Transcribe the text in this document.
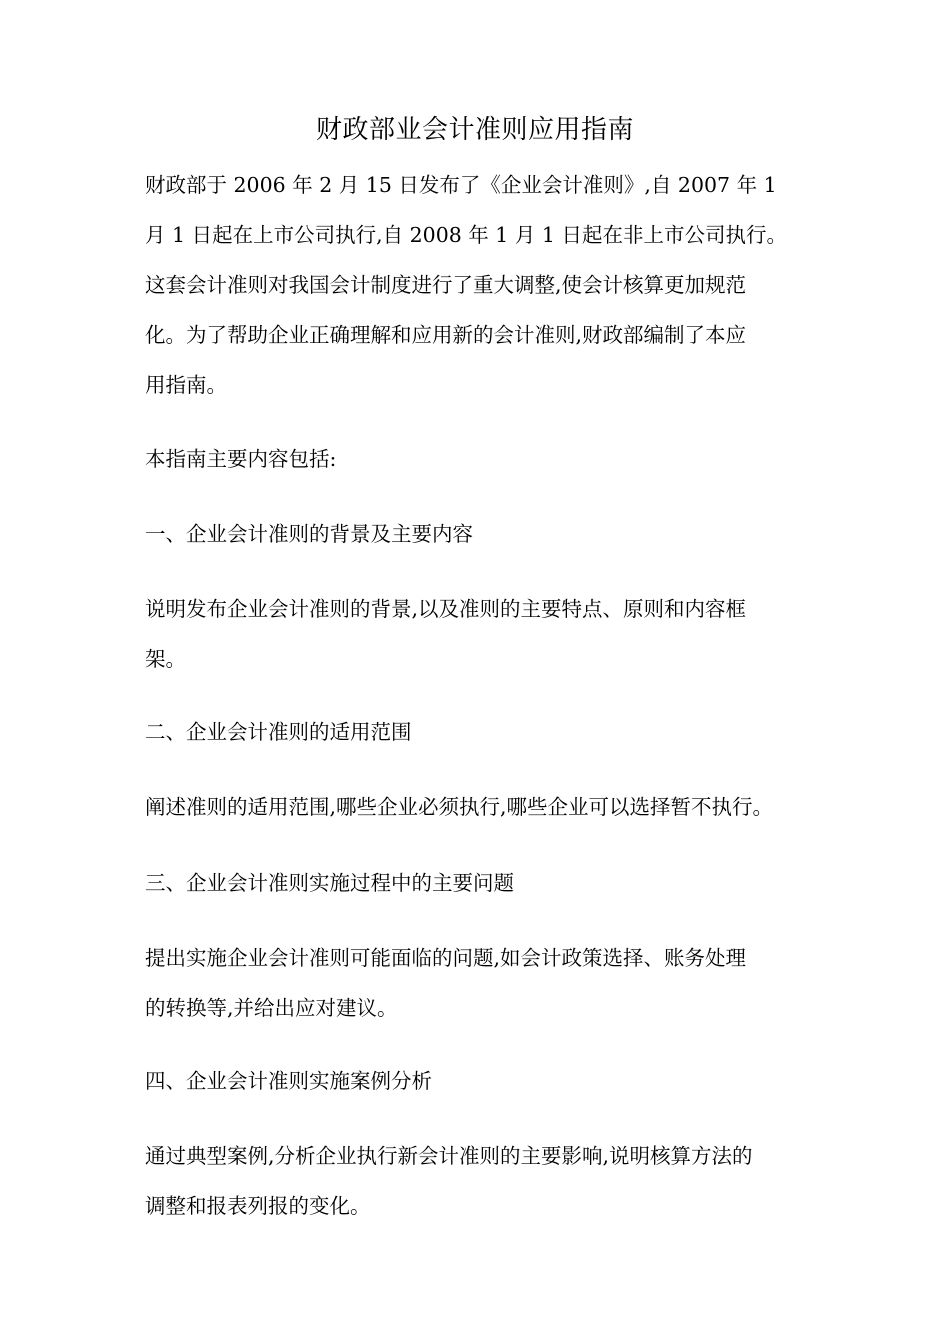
财政部业会计准则应用指南
财政部于 2006 年 2 月 15 日发布了《企业会计准则》,自 2007 年 1
月 1 日起在上市公司执行,自 2008 年 1 月 1 日起在非上市公司执行。
这套会计准则对我国会计制度进行了重大调整,使会计核算更加规范
化。为了帮助企业正确理解和应用新的会计准则,财政部编制了本应
用指南。
本指南主要内容包括:
一、企业会计准则的背景及主要内容
说明发布企业会计准则的背景,以及准则的主要特点、原则和内容框
架。
二、企业会计准则的适用范围
阐述准则的适用范围,哪些企业必须执行,哪些企业可以选择暂不执行。
三、企业会计准则实施过程中的主要问题
提出实施企业会计准则可能面临的问题,如会计政策选择、账务处理
的转换等,并给出应对建议。
四、企业会计准则实施案例分析
通过典型案例,分析企业执行新会计准则的主要影响,说明核算方法的
调整和报表列报的变化。
